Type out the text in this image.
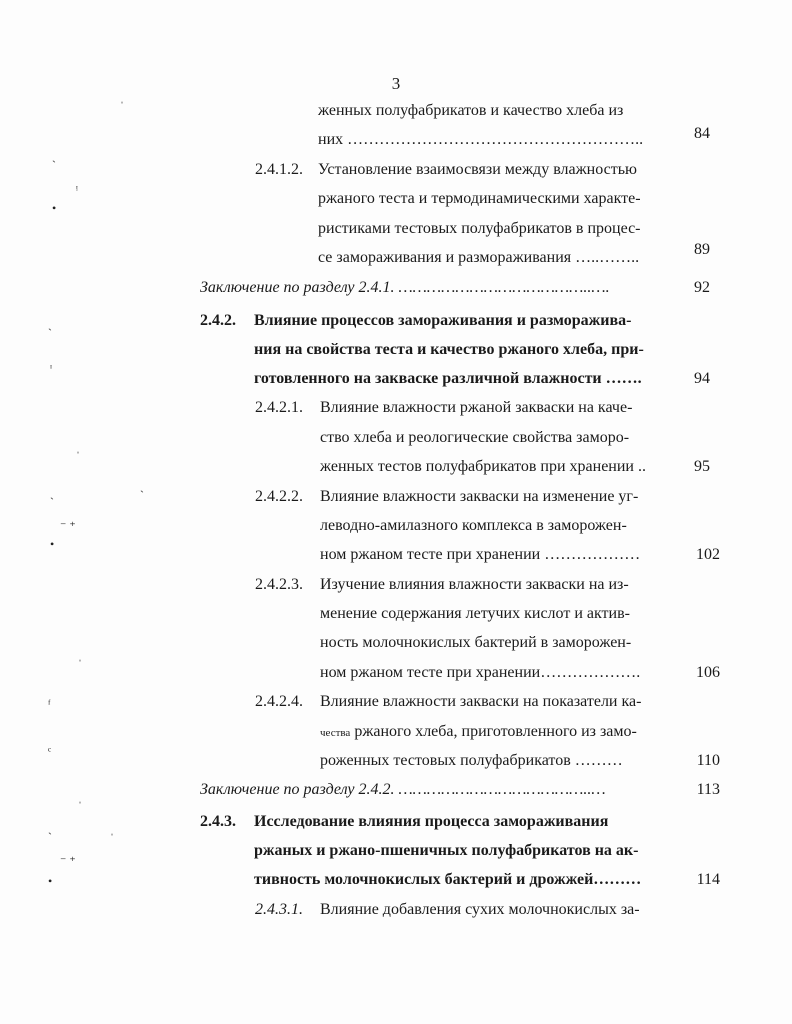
3
женных полуфабрикатов и качество хлеба из
них ………………………………………………..	84
2.4.1.2. Установление взаимосвязи между влажностью
ржаного теста и термодинамическими характе-
ристиками тестовых полуфабрикатов в процес-
се замораживания и размораживания …..……..	89
Заключение по разделу 2.4.1. …………………………………..….	92
2.4.2. Влияние процессов замораживания и разморажива-
ния на свойства теста и качество ржаного хлеба, при-
готовленного на закваске различной влажности …….	94
2.4.2.1. Влияние влажности ржаной закваски на каче-
ство хлеба и реологические свойства заморо-
женных тестов полуфабрикатов при хранении ..	95
2.4.2.2. Влияние влажности закваски на изменение уг-
леводно-амилазного комплекса в заморожен-
ном ржаном тесте при хранении ………………	102
2.4.2.3. Изучение влияния влажности закваски на из-
менение содержания летучих кислот и актив-
ность молочнокислых бактерий в заморожен-
ном ржаном тесте при хранении……………….	106
2.4.2.4. Влияние влажности закваски на показатели ка-
чества ржаного хлеба, приготовленного из замо-
роженных тестовых полуфабрикатов ………	110
Заключение по разделу 2.4.2. …………………………………..…	113
2.4.3. Исследование влияния процесса замораживания
ржаных и ржано-пшеничных полуфабрикатов на ак-
тивность молочнокислых бактерий и дрожжей………	114
2.4.3.1. Влияние добавления сухих молочнокислых за-
ˈ
ˎ
ᵎ
•
ˎ
ᶦ
ˈ
ˎ	ˏ
⁻ ⁺
•
ˈ
ᶠ
ᶜ
ˈ
ˎ
ˈ
⁻ ⁺
•
